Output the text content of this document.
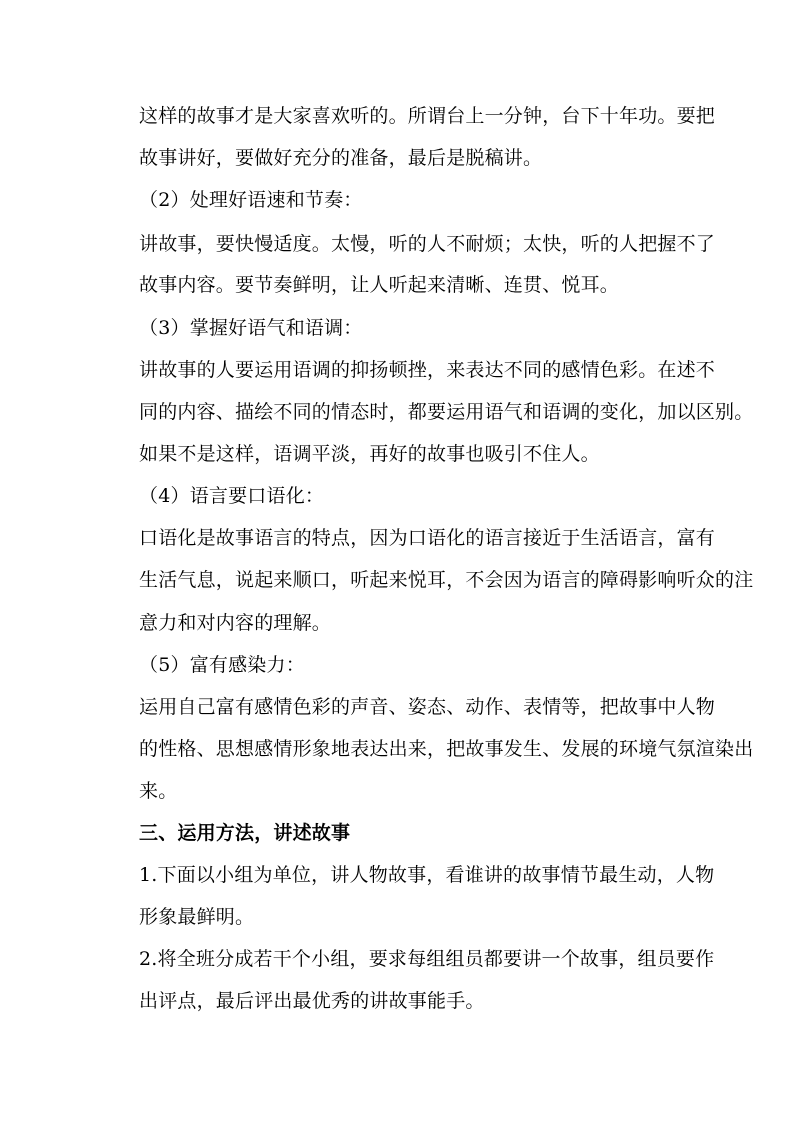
这样的故事才是大家喜欢听的。所谓台上一分钟，台下十年功。要把
故事讲好，要做好充分的准备，最后是脱稿讲。
（2）处理好语速和节奏：
讲故事，要快慢适度。太慢，听的人不耐烦；太快，听的人把握不了
故事内容。要节奏鲜明，让人听起来清晰、连贯、悦耳。
（3）掌握好语气和语调：
讲故事的人要运用语调的抑扬顿挫，来表达不同的感情色彩。在述不
同的内容、描绘不同的情态时，都要运用语气和语调的变化，加以区别。
如果不是这样，语调平淡，再好的故事也吸引不住人。
（4）语言要口语化：
口语化是故事语言的特点，因为口语化的语言接近于生活语言，富有
生活气息，说起来顺口，听起来悦耳，不会因为语言的障碍影响听众的注
意力和对内容的理解。
（5）富有感染力：
运用自己富有感情色彩的声音、姿态、动作、表情等，把故事中人物
的性格、思想感情形象地表达出来，把故事发生、发展的环境气氛渲染出
来。
三、运用方法，讲述故事
1.下面以小组为单位，讲人物故事，看谁讲的故事情节最生动，人物
形象最鲜明。
2.将全班分成若干个小组，要求每组组员都要讲一个故事，组员要作
出评点，最后评出最优秀的讲故事能手。
